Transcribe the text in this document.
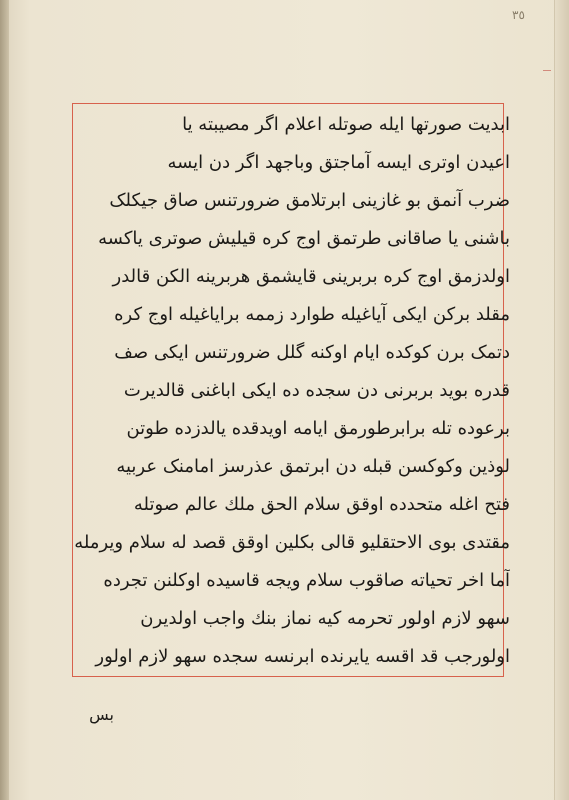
٣٥
ابدیت صورتها ایله صوتله اعلام اگر مصیبته یا
اعیدن اوتری ایسه آماجتق وباجهد اگر دن ایسه
ضرب آنمق بو غازینی ابرتلامق ضرورتنس صاق جیکلک
باشنی یا صاقانی طرتمق اوج کره قیلیش صوتری یاکسه
اولدزمق اوج کره بربرینی قایشمق هربرینه الکن قالدر
مقلد برکن ایکی آیاغیله طوارد زممه برایاغیله اوج کره
دتمک برن کوکده ایام اوکنه گلل ضرورتنس ایکی صف
قدره بوید بربرنی دن سجده ده ایکی اباغنی قالدیرت
برعوده تله برابرطورمق ایامه اویدقده یالدزده طوتن
لوذین وکوکسن قبله دن ابرتمق عذرسز امامنک عربیه
فتح اغله متحدده اوقق سلام الحق ملك عالم صوتله
مقتدی بوی الاحتقلیو قالی بکلین اوقق قصد له سلام ویرمله
آما اخر تحیاته صاقوب سلام ویجه قاسیده اوکلنن تجرده
سهو لازم اولور تحرمه کیه نماز بنك واجب اولدیرن
اولورجب قد اقسه یایرنده ابرنسه سجده سهو لازم اولور
بس
